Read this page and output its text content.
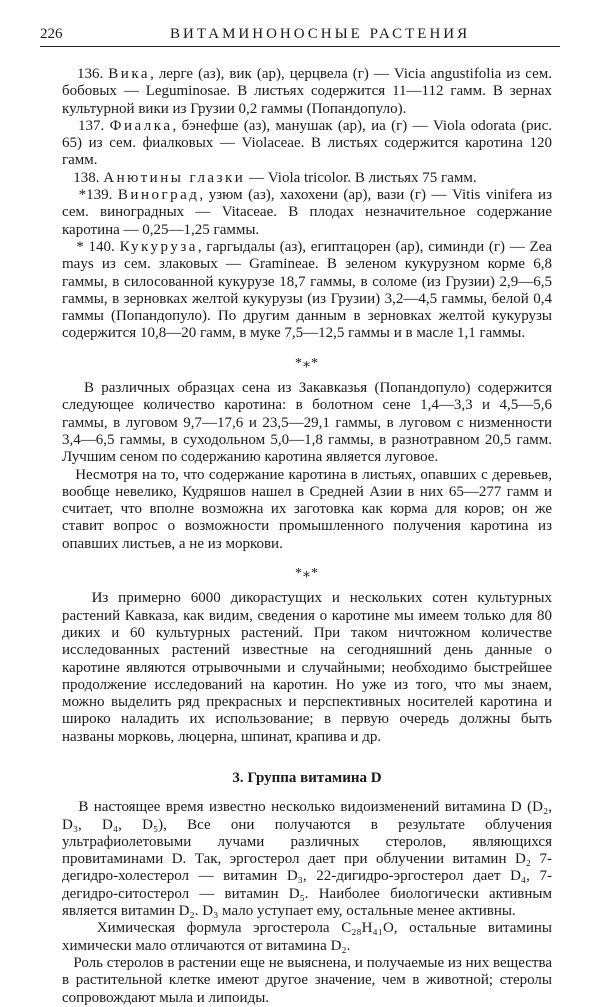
226	ВИТАМИНОНОСНЫЕ РАСТЕНИЯ

136. Вика, лерге (аз), вик (ар), церцвела (г) — Vicia angustifolia из сем. бобовых — Leguminosae. В листьях содержится 11—112 гамм. В зернах культурной вики из Грузии 0,2 гаммы (Попандопуло).

137. Фиалка, бэнефше (аз), манушак (ар), иа (г) — Viola odorata (рис. 65) из сем. фиалковых — Violaceae. В листьях содержится каротина 120 гамм.

138. Анютины глазки — Viola tricolor. В листьях 75 гамм.

*139. Виноград, узюм (аз), хахохени (ар), вази (г) — Vitis vinifera из сем. виноградных — Vitaceae. В плодах незначительное содержание каротина — 0,25—1,25 гаммы.

* 140. Кукуруза, гаргыдалы (аз), египтацорен (ар), симинди (г) — Zea mays из сем. злаковых — Gramineae. В зеленом кукурузном корме 6,8 гаммы, в силосованной кукурузе 18,7 гаммы, в соломе (из Грузии) 2,9—6,5 гаммы, в зерновках желтой кукурузы (из Грузии) 3,2—4,5 гаммы, белой 0,4 гаммы (Попандопуло). По другим данным в зерновках желтой кукурузы содержится 10,8—20 гамм, в муке 7,5—12,5 гаммы и в масле 1,1 гаммы.

*⁎*

В различных образцах сена из Закавказья (Попандопуло) содержится следующее количество каротина: в болотном сене 1,4—3,3 и 4,5—5,6 гаммы, в луговом 9,7—17,6 и 23,5—29,1 гаммы, в луговом с низменности 3,4—6,5 гаммы, в суходольном 5,0—1,8 гаммы, в разнотравном 20,5 гамм. Лучшим сеном по содержанию каротина является луговое.

Несмотря на то, что содержание каротина в листьях, опавших с деревьев, вообще невелико, Кудряшов нашел в Средней Азии в них 65—277 гамм и считает, что вполне возможна их заготовка как корма для коров; он же ставит вопрос о возможности промышленного получения каротина из опавших листьев, а не из моркови.

*⁎*

Из примерно 6000 дикорастущих и нескольких сотен культурных растений Кавказа, как видим, сведения о каротине мы имеем только для 80 диких и 60 культурных растений. При таком ничтожном количестве исследованных растений известные на сегодняшний день данные о каротине являются отрывочными и случайными; необходимо быстрейшее продолжение исследований на каротин. Но уже из того, что мы знаем, можно выделить ряд прекрасных и перспективных носителей каротина и широко наладить их использование; в первую очередь должны быть названы морковь, люцерна, шпинат, крапива и др.

3. Группа витамина D

В настоящее время известно несколько видоизменений витамина D (D₂, D₃, D₄, D₅), Все они получаются в результате облучения ультрафиолетовыми лучами различных стеролов, являющихся провитаминами D. Так, эргостерол дает при облучении витамин D₂ 7-дегидро-холестерол — витамин D₃, 22-дигидро-эргостерол дает D₄, 7-дегидро-ситостерол — витамин D₅. Наиболее биологически активным является витамин D₂. D₃ мало уступает ему, остальные менее активны.

Химическая формула эргостерола C₂₈H₄₁O, остальные витамины химически мало отличаются от витамина D₂.

Роль стеролов в растении еще не выяснена, и получаемые из них вещества в растительной клетке имеют другое значение, чем в животной; стеролы сопровождают мыла и липоиды.
